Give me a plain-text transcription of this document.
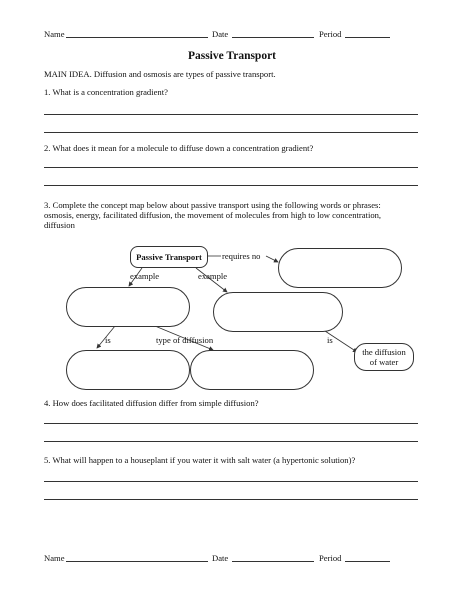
Name	Date	Period
Passive Transport
MAIN IDEA. Diffusion and osmosis are types of passive transport.
1. What is a concentration gradient?
2. What does it mean for a molecule to diffuse down a concentration gradient?
3. Complete the concept map below about passive transport using the following words or phrases:
osmosis, energy, facilitated diffusion, the movement of molecules from high to low concentration,
diffusion
Passive Transport	requires no
example	example
is	type of diffusion	is
the diffusion
of water
4. How does facilitated diffusion differ from simple diffusion?
5. What will happen to a houseplant if you water it with salt water (a hypertonic solution)?
Name	Date	Period
